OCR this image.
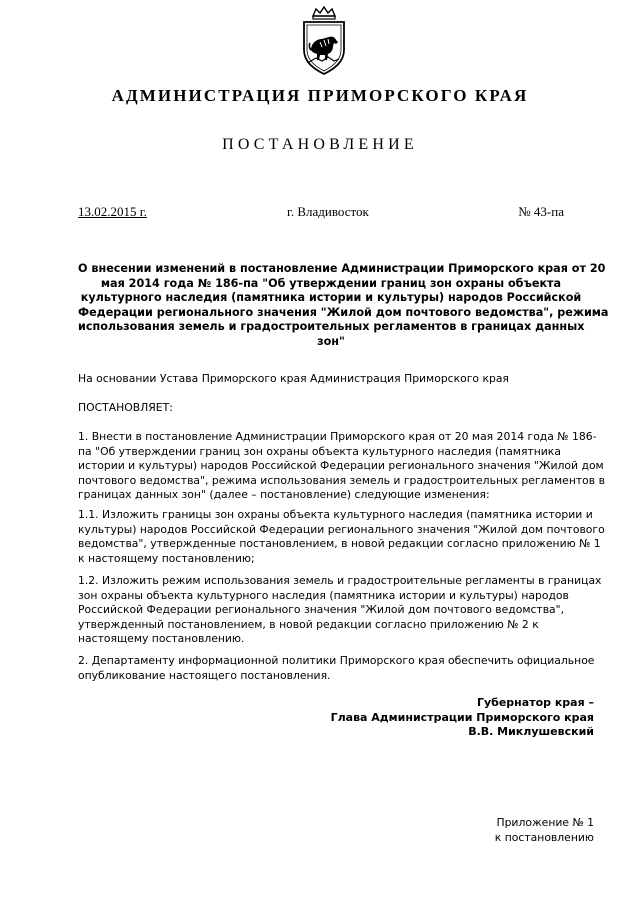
АДМИНИСТРАЦИЯ ПРИМОРСКОГО КРАЯ
ПОСТАНОВЛЕНИЕ
13.02.2015 г.	г. Владивосток	№ 43-па
О внесении изменений в постановление Администрации Приморского края от 20
мая 2014 года № 186-па "Об утверждении границ зон охраны объекта
культурного наследия (памятника истории и культуры) народов Российской
Федерации регионального значения "Жилой дом почтового ведомства", режима
использования земель и градостроительных регламентов в границах данных
зон"
На основании Устава Приморского края Администрация Приморского края
ПОСТАНОВЛЯЕТ:
1. Внести в постановление Администрации Приморского края от 20 мая 2014 года № 186-
па "Об утверждении границ зон охраны объекта культурного наследия (памятника
истории и культуры) народов Российской Федерации регионального значения "Жилой дом
почтового ведомства", режима использования земель и градостроительных регламентов в
границах данных зон" (далее – постановление) следующие изменения:
1.1. Изложить границы зон охраны объекта культурного наследия (памятника истории и
культуры) народов Российской Федерации регионального значения "Жилой дом почтового
ведомства", утвержденные постановлением, в новой редакции согласно приложению № 1
к настоящему постановлению;
1.2. Изложить режим использования земель и градостроительные регламенты в границах
зон охраны объекта культурного наследия (памятника истории и культуры) народов
Российской Федерации регионального значения "Жилой дом почтового ведомства",
утвержденный постановлением, в новой редакции согласно приложению № 2 к
настоящему постановлению.
2. Департаменту информационной политики Приморского края обеспечить официальное
опубликование настоящего постановления.
Губернатор края –
Глава Администрации Приморского края
В.В. Миклушевский
Приложение № 1
к постановлению
